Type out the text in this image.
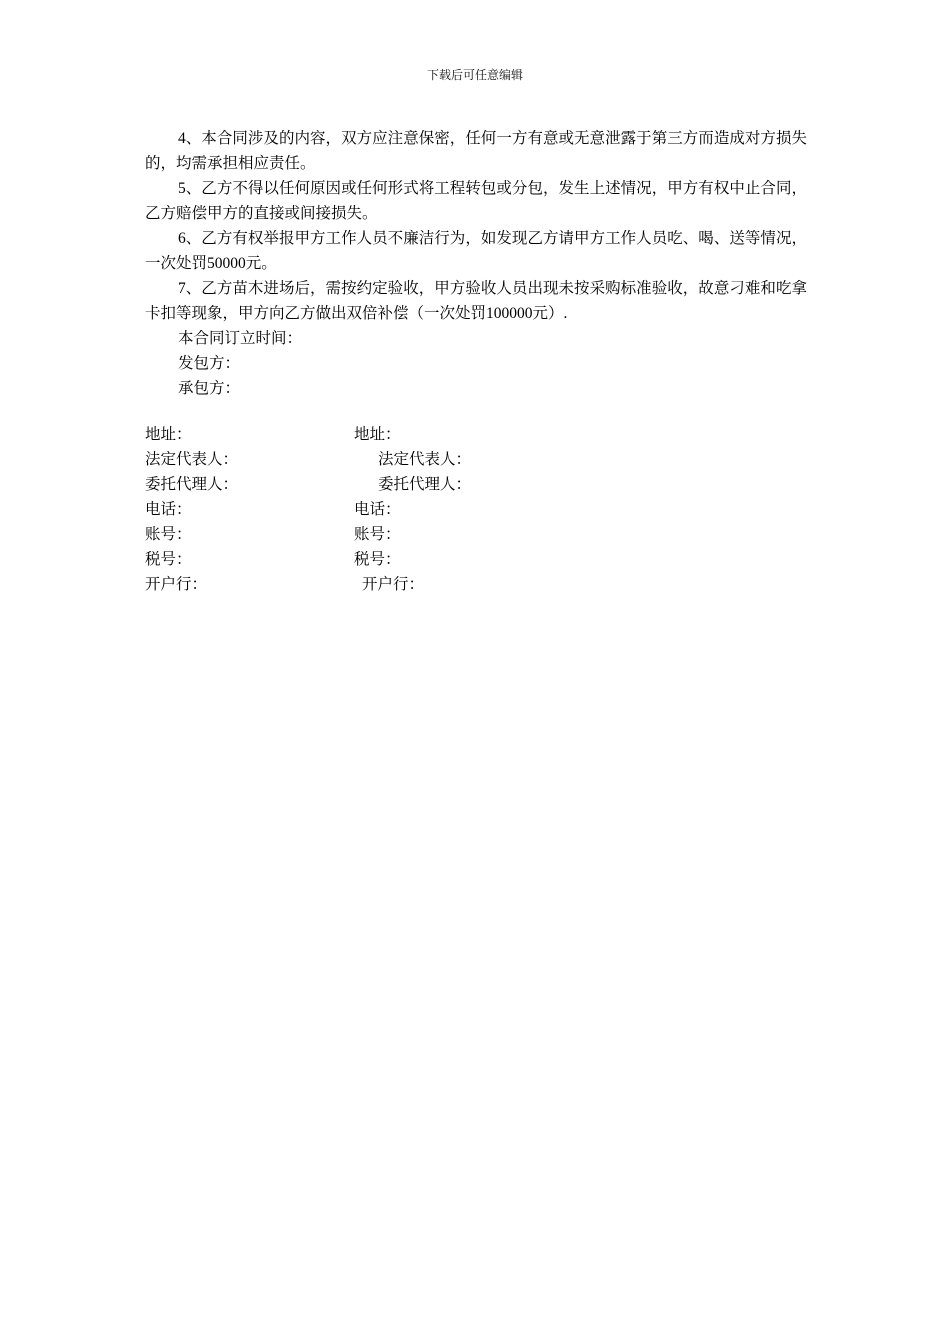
下载后可任意编辑

4、本合同涉及的内容，双方应注意保密，任何一方有意或无意泄露于第三方而造成对方损失的，均需承担相应责任。

5、乙方不得以任何原因或任何形式将工程转包或分包，发生上述情况，甲方有权中止合同，乙方赔偿甲方的直接或间接损失。

6、乙方有权举报甲方工作人员不廉洁行为，如发现乙方请甲方工作人员吃、喝、送等情况，一次处罚50000元。

7、乙方苗木进场后，需按约定验收，甲方验收人员出现未按采购标准验收，故意刁难和吃拿卡扣等现象，甲方向乙方做出双倍补偿（一次处罚100000元）.

本合同订立时间：

发包方：

承包方：

地址：	地址：
法定代表人：	法定代表人：
委托代理人：	委托代理人：
电话：	电话：
账号：	账号：
税号：	税号：
开户行：	开户行：
